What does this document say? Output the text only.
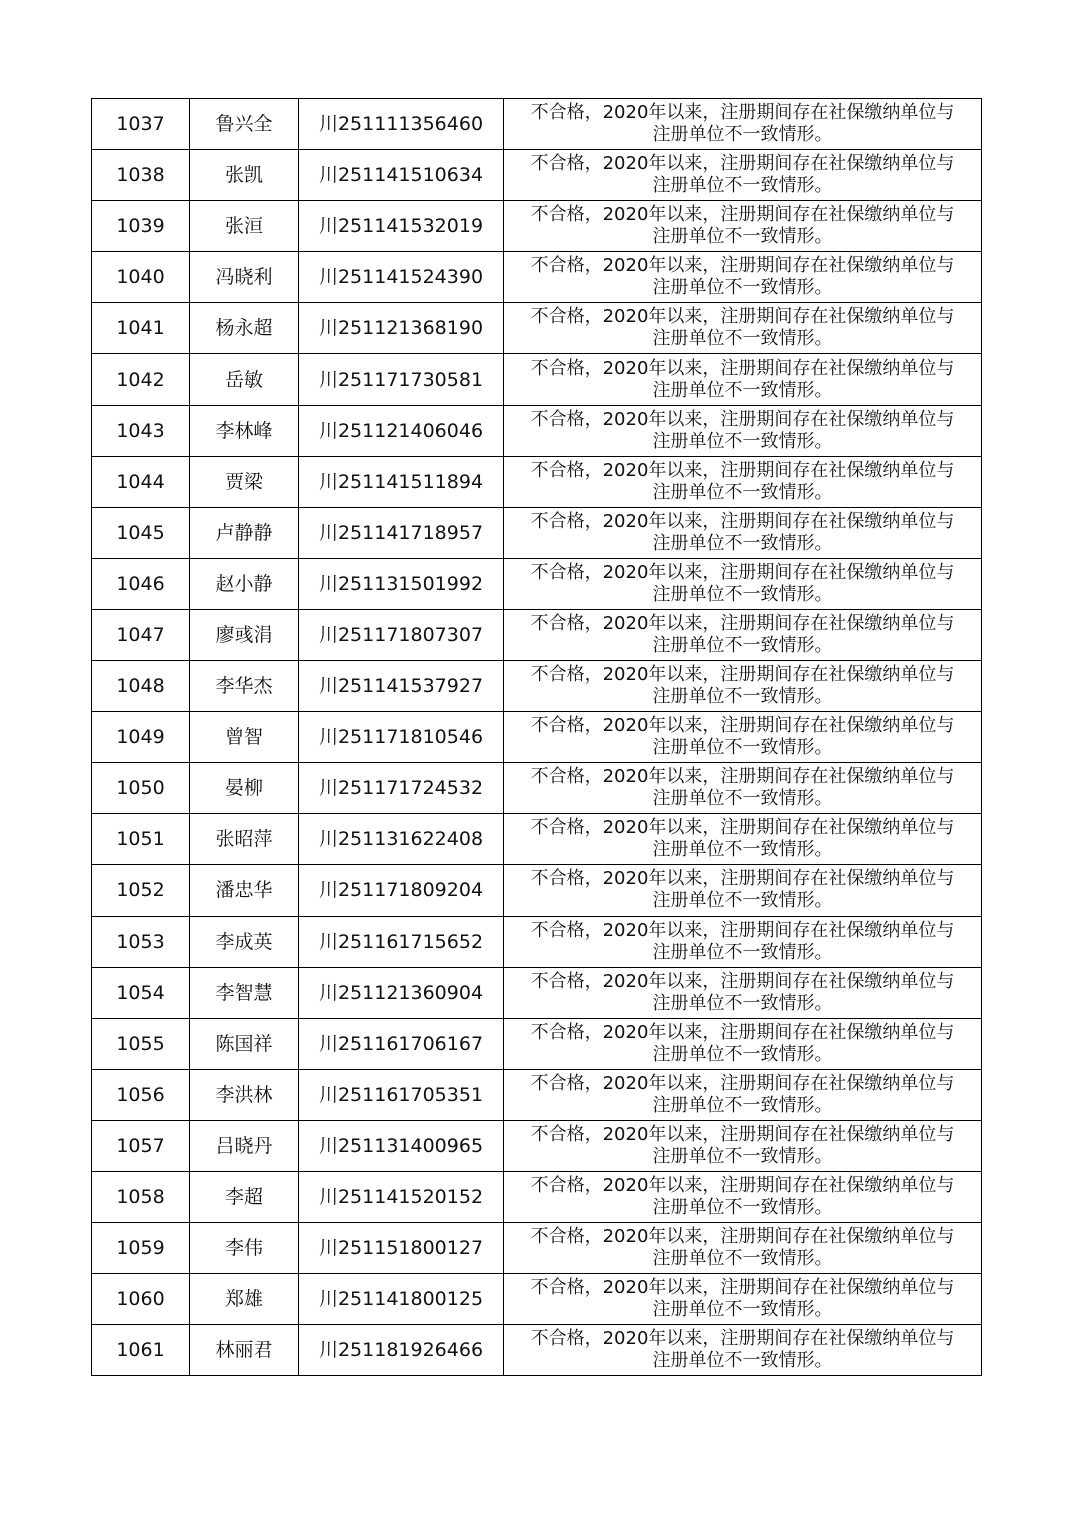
1037	鲁兴全	川251111356460	不合格，2020年以来，注册期间存在社保缴纳单位与
注册单位不一致情形。

1038	张凯	川251141510634	不合格，2020年以来，注册期间存在社保缴纳单位与
注册单位不一致情形。

1039	张洹	川251141532019	不合格，2020年以来，注册期间存在社保缴纳单位与
注册单位不一致情形。

1040	冯晓利	川251141524390	不合格，2020年以来，注册期间存在社保缴纳单位与
注册单位不一致情形。

1041	杨永超	川251121368190	不合格，2020年以来，注册期间存在社保缴纳单位与
注册单位不一致情形。

1042	岳敏	川251171730581	不合格，2020年以来，注册期间存在社保缴纳单位与
注册单位不一致情形。

1043	李林峰	川251121406046	不合格，2020年以来，注册期间存在社保缴纳单位与
注册单位不一致情形。

1044	贾梁	川251141511894	不合格，2020年以来，注册期间存在社保缴纳单位与
注册单位不一致情形。

1045	卢静静	川251141718957	不合格，2020年以来，注册期间存在社保缴纳单位与
注册单位不一致情形。

1046	赵小静	川251131501992	不合格，2020年以来，注册期间存在社保缴纳单位与
注册单位不一致情形。

1047	廖彧涓	川251171807307	不合格，2020年以来，注册期间存在社保缴纳单位与
注册单位不一致情形。

1048	李华杰	川251141537927	不合格，2020年以来，注册期间存在社保缴纳单位与
注册单位不一致情形。

1049	曾智	川251171810546	不合格，2020年以来，注册期间存在社保缴纳单位与
注册单位不一致情形。

1050	晏柳	川251171724532	不合格，2020年以来，注册期间存在社保缴纳单位与
注册单位不一致情形。

1051	张昭萍	川251131622408	不合格，2020年以来，注册期间存在社保缴纳单位与
注册单位不一致情形。

1052	潘忠华	川251171809204	不合格，2020年以来，注册期间存在社保缴纳单位与
注册单位不一致情形。

1053	李成英	川251161715652	不合格，2020年以来，注册期间存在社保缴纳单位与
注册单位不一致情形。

1054	李智慧	川251121360904	不合格，2020年以来，注册期间存在社保缴纳单位与
注册单位不一致情形。

1055	陈国祥	川251161706167	不合格，2020年以来，注册期间存在社保缴纳单位与
注册单位不一致情形。

1056	李洪林	川251161705351	不合格，2020年以来，注册期间存在社保缴纳单位与
注册单位不一致情形。

1057	吕晓丹	川251131400965	不合格，2020年以来，注册期间存在社保缴纳单位与
注册单位不一致情形。

1058	李超	川251141520152	不合格，2020年以来，注册期间存在社保缴纳单位与
注册单位不一致情形。

1059	李伟	川251151800127	不合格，2020年以来，注册期间存在社保缴纳单位与
注册单位不一致情形。

1060	郑雄	川251141800125	不合格，2020年以来，注册期间存在社保缴纳单位与
注册单位不一致情形。

1061	林丽君	川251181926466	不合格，2020年以来，注册期间存在社保缴纳单位与
注册单位不一致情形。
